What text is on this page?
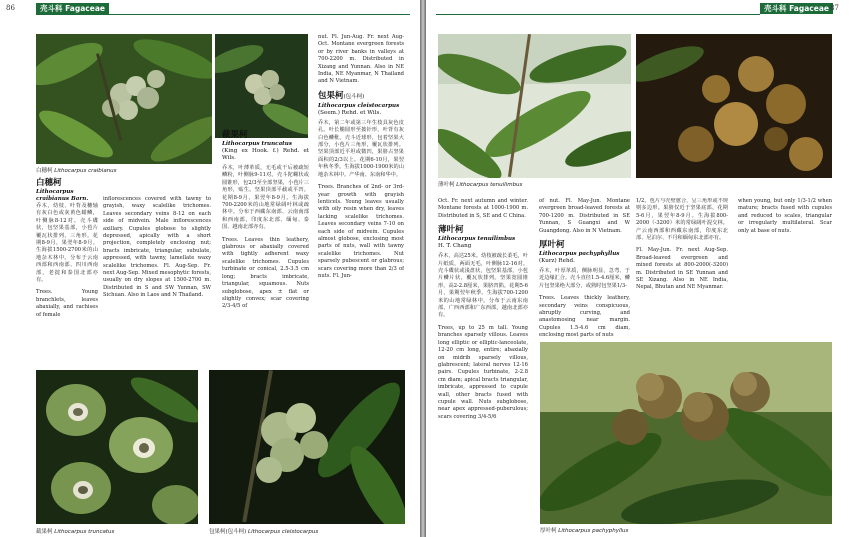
86	壳斗科 Fagaceae
白穗柯 Lithocarpus craibianus
白穗柯
Lithocarpus craibianus Barn.

乔木，幼枝、叶背及穗轴有灰白色或灰黄色蜡鳞，叶侧脉8-12对。壳斗碟状，包坚果基部，小苞片覆瓦状排列，三角形。花期8-9月，果翌年8-9月。生海拔1500-2700米的山地杂木林中。分布于云南西部和西南部、四川西南部，老挝和泰国北部亦有。

Trees. Young branchlets, leaves abaxially, and rachises of female

inflorescences covered with tawny to grayish, waxy scalelike trichomes. Leaves secondary veins 8-12 on each side of midvein. Male inflorescences axillary. Cupules globose to slightly depressed, apically with a short projection, completely enclosing nut; bracts imbricate, triangular, subulate, appressed, with tawny, lamellate waxy scalelike trichomes. Fl. Aug-Sep. Fr. next Aug-Sep. Mixed mesophytic forests, usually on dry slopes at 1500-2700 m. Distributed in S and SW Yunnan, SW Sichuan. Also in Laos and N Thailand.

截果柯
Lithocarpus truncatus
(King ex Hook. f.) Rehd. et Wils.

乔木，叶薄革质，无毛或干后被疏短鳞粉，叶侧脉9-11对。壳斗陀螺状或圆锥形，包2/3至全部坚果，小苞片三角形，贴生。坚果顶部平截或平凹。花期8-9月，果翌年8-9月。生海拔700-2200米的山地常绿阔叶林或疏林中。分布于西藏东南部、云南南部和西南部，印度东北部、缅甸、泰国、越南北部亦有。

Trees. Leaves thin leathery, glabrous or abaxially covered with tightly adherent waxy scalelike trichomes. Cupules turbinate or conical, 2.5-3.5 cm long; bracts imbricate, triangular, squamous. Nuts subglobose, apex ± flat or slightly convex; scar covering 2/3-4/5 of

nut. Fl. Jun-Aug. Fr. next Aug-Oct. Montane evergreen forests or by river banks in valleys at 700-2200 m. Distributed in Xizang and Yunnan. Also in NE India, NE Myanmar, N Thailand and N Vietnam.

包果柯(包斗柯)
Lithocarpus cleistocarpus
(Seem.) Rehd. et Wils.

乔木，第二年或第三年生枝具灰色皮孔。叶长椭圆形至披针形，叶背有灰白色鳞秕。壳斗近球形，包着坚果大部分，小苞片三角形，覆瓦状排列。坚果顶部近平坦或微凹，果脐占坚果面积的2/3以上。花期6-10月，果翌年秋冬季。生海拔1000-1900米的山地杂木林中。产华南、东南和华中。

Trees. Branches of 2nd- or 3rd-year growth with grayish lenticels. Young leaves usually with oily resin when dry, leaves lacking scalelike trichomes. Leaves secondary veins 7-10 on each side of midvein. Cupules almost globose, enclosing most parts of nuts, wall with tawny scalelike trichomes. Nut sparsely pubescent or glabrous; scars covering more than 2/3 of nuts. Fl. Jun-

截果柯 Lithocarpus truncatus	包果柯(包斗柯) Lithocarpus cleistocarpus
壳斗科 Fagaceae 87
薄叶柯 Lithocarpus tenuilimbus

Oct. Fr. next autumn and winter. Montane forests at 1000-1900 m. Distributed in S, SE and C China.

薄叶柯
Lithocarpus tenuilimbus
H. T. Chang

乔木，高达25米。幼枝被疏长柔毛，叶片纸质，两面无毛，叶侧脉12-16对。壳斗碟状或浅盘状，包坚果基部，小苞片鳞片状，覆瓦状排列。坚果宽圆锥形，高2-2.8厘米，果脐凹陷。花期5-6月，果期翌年秋季。生海拔700-1200米的山地常绿林中。分布于云南东南部、广西西部和广东西部，越南北部亦有。

Trees, up to 25 m tall. Young branches sparsely villous. Leaves long elliptic or elliptic-lanceolate, 12-20 cm long, entire; abaxially on midrib sparsely villous, glabrescent; lateral nerves 12-16 pairs. Cupules turbinate, 2-2.8 cm diam; apical bracts triangular, imbricate, appressed to cupule wall, other bracts fused with cupule wall. Nuts subglobose, near apex appressed-puberulous; scars covering 3/4-5/6

of nut. Fl. May-Jun. Montane evergreen broad-leaved forests at 700-1200 m. Distributed in SE Yunnan, S Guangxi and W Guangdong. Also in N Vietnam.

厚叶柯
Lithocarpus pachyphyllus
(Kurz) Rehd.

乔木，叶厚革质，侧脉明显，急弯、于近边缘汇合。壳斗直径1.5-4.6厘米，鳞片包坚果绝大部分，或熟时包坚果1/3-

Trees. Leaves thickly leathery, secondary veins conspicuous, abruptly curving, and anastomosing near margin. Cupules 1.5-4.6 cm diam, enclosing most parts of nuts

1/2。苞片与壳壁愈合，呈三角形或不规则多边形。果脐仅近于坚果底部。花期5-6月，果翌年8-9月。生海拔800-2000（-3200）米的常绿阔叶混交林。产云南西部和西藏东南部，印度东北部、尼泊尔、不丹和缅甸东北部亦有。

Fl. May-Jun. Fr. next Aug-Sep. Broad-leaved evergreen and mixed forests at 800-2000(-3200) m. Distributed in SE Yunnan and SE Xizang. Also in NE India, Nepal, Bhutan and NE Myanmar.

when young, but only 1/3-1/2 when mature; bracts fused with cupules and reduced to scales, triangular or irregularly multilateral. Scar only at base of nuts.

厚叶柯 Lithocarpus pachyphyllus
